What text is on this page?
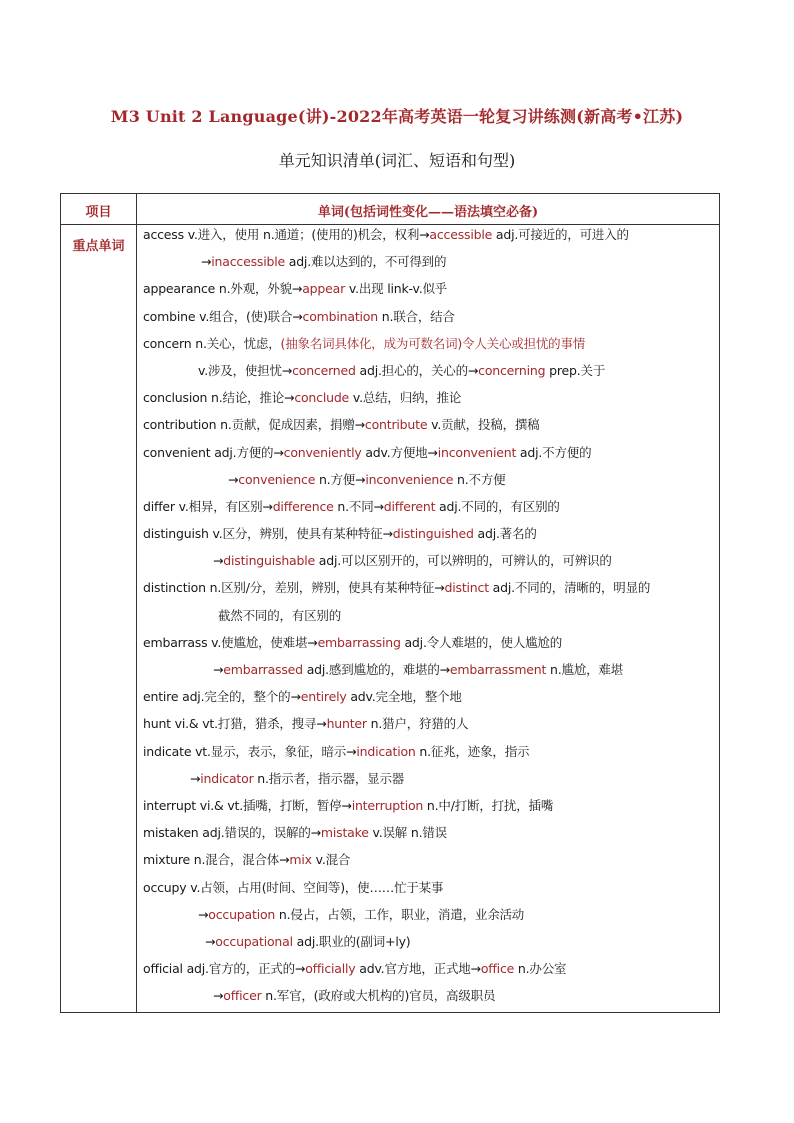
M3 Unit 2 Language(讲)-2022年高考英语一轮复习讲练测(新高考•江苏)
单元知识清单(词汇、短语和句型)
项目	单词(包括词性变化——语法填空必备)
重点单词
access v.进入，使用 n.通道；(使用的)机会，权利→accessible adj.可接近的，可进入的
→inaccessible adj.难以达到的，不可得到的
appearance n.外观，外貌→appear v.出现 link-v.似乎
combine v.组合，(使)联合→combination n.联合，结合
concern n.关心，忧虑，(抽象名词具体化，成为可数名词)令人关心或担忧的事情
v.涉及，使担忧→concerned adj.担心的，关心的→concerning prep.关于
conclusion n.结论，推论→conclude v.总结，归纳，推论
contribution n.贡献，促成因素，捐赠→contribute v.贡献，投稿，撰稿
convenient adj.方便的→conveniently adv.方便地→inconvenient adj.不方便的
→convenience n.方便→inconvenience n.不方便
differ v.相异，有区别→difference n.不同→different adj.不同的，有区别的
distinguish v.区分，辨别，使具有某种特征→distinguished adj.著名的
→distinguishable adj.可以区别开的，可以辨明的，可辨认的，可辨识的
distinction n.区别/分，差别，辨别，使具有某种特征→distinct adj.不同的，清晰的，明显的
截然不同的，有区别的
embarrass v.使尴尬，使难堪→embarrassing adj.令人难堪的，使人尴尬的
→embarrassed adj.感到尴尬的，难堪的→embarrassment n.尴尬，难堪
entire adj.完全的，整个的→entirely adv.完全地，整个地
hunt vi.& vt.打猎，猎杀，搜寻→hunter n.猎户，狩猎的人
indicate vt.显示，表示，象征，暗示→indication n.征兆，迹象，指示
→indicator n.指示者，指示器，显示器
interrupt vi.& vt.插嘴，打断，暂停→interruption n.中/打断，打扰，插嘴
mistaken adj.错误的，误解的→mistake v.误解 n.错误
mixture n.混合，混合体→mix v.混合
occupy v.占领，占用(时间、空间等)，使……忙于某事
→occupation n.侵占，占领，工作，职业，消遣，业余活动
→occupational adj.职业的(副词+ly)
official adj.官方的，正式的→officially adv.官方地，正式地→office n.办公室
→officer n.军官，(政府或大机构的)官员，高级职员
